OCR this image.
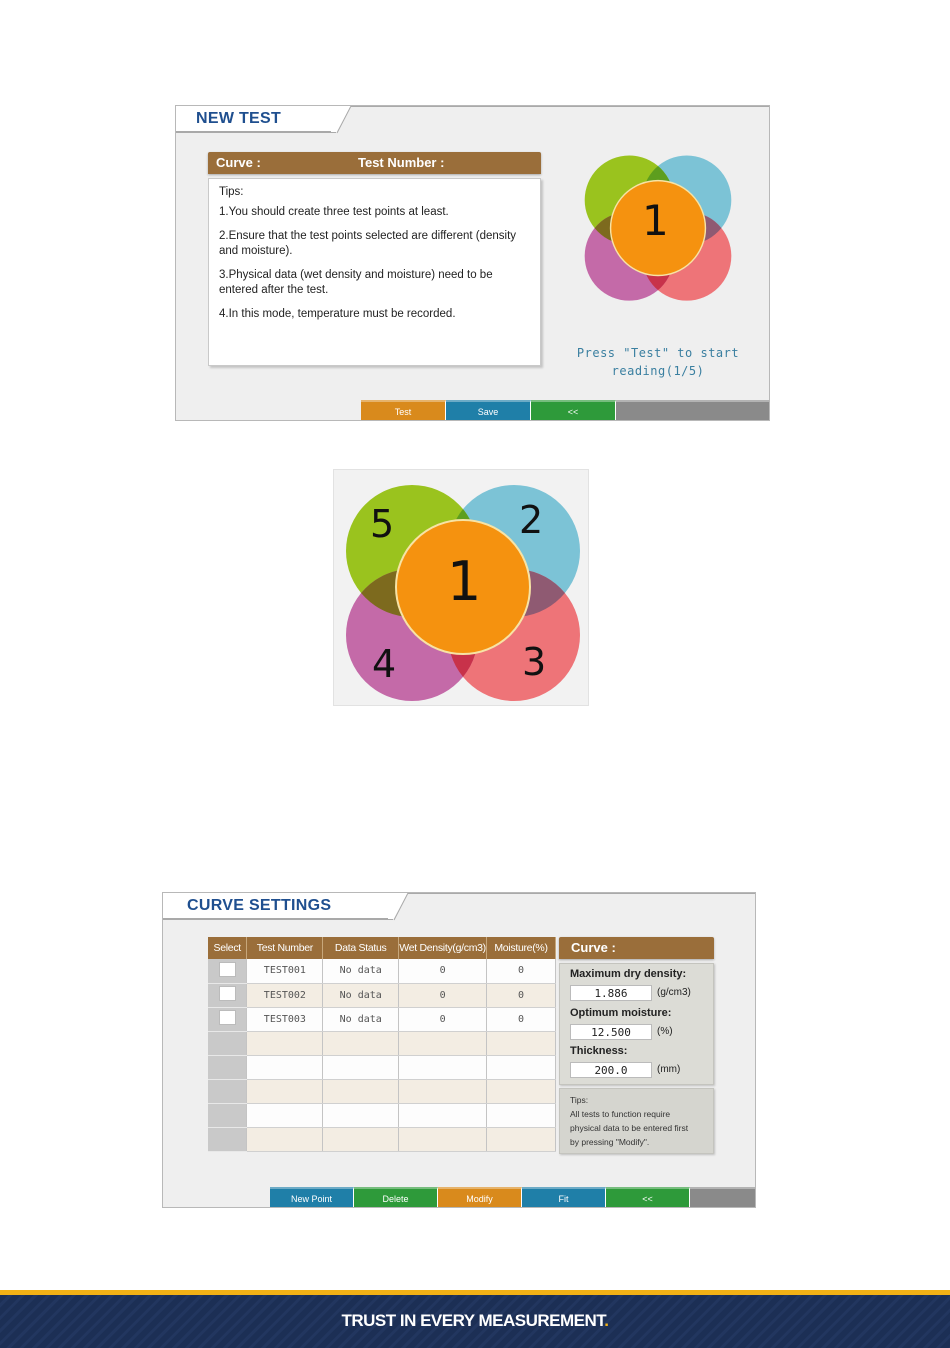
NEW TEST
Curve :	Test Number :

Tips:

1.You should create three test points at least.

2.Ensure that the test points selected are different (density and moisture).

3.Physical data (wet density and moisture) need to be entered after the test.

4.In this mode, temperature must be recorded.

1
Press "Test" to start
reading(1/5)
Test	Save	<<
5	2
1
4	3
CURVE SETTINGS
Select	Test Number	Data Status	Wet Density(g/cm3)	Moisture(%)
	TEST001	No data	0	0
	TEST002	No data	0	0
	TEST003	No data	0	0

Curve :
Maximum dry density:
1.886	(g/cm3)
Optimum moisture:
12.500	(%)
Thickness:
200.0	(mm)
Tips:
All tests to function require
physical data to be entered first
by pressing "Modify".
New Point	Delete	Modify	Fit	<<
TRUST IN EVERY MEASUREMENT.
